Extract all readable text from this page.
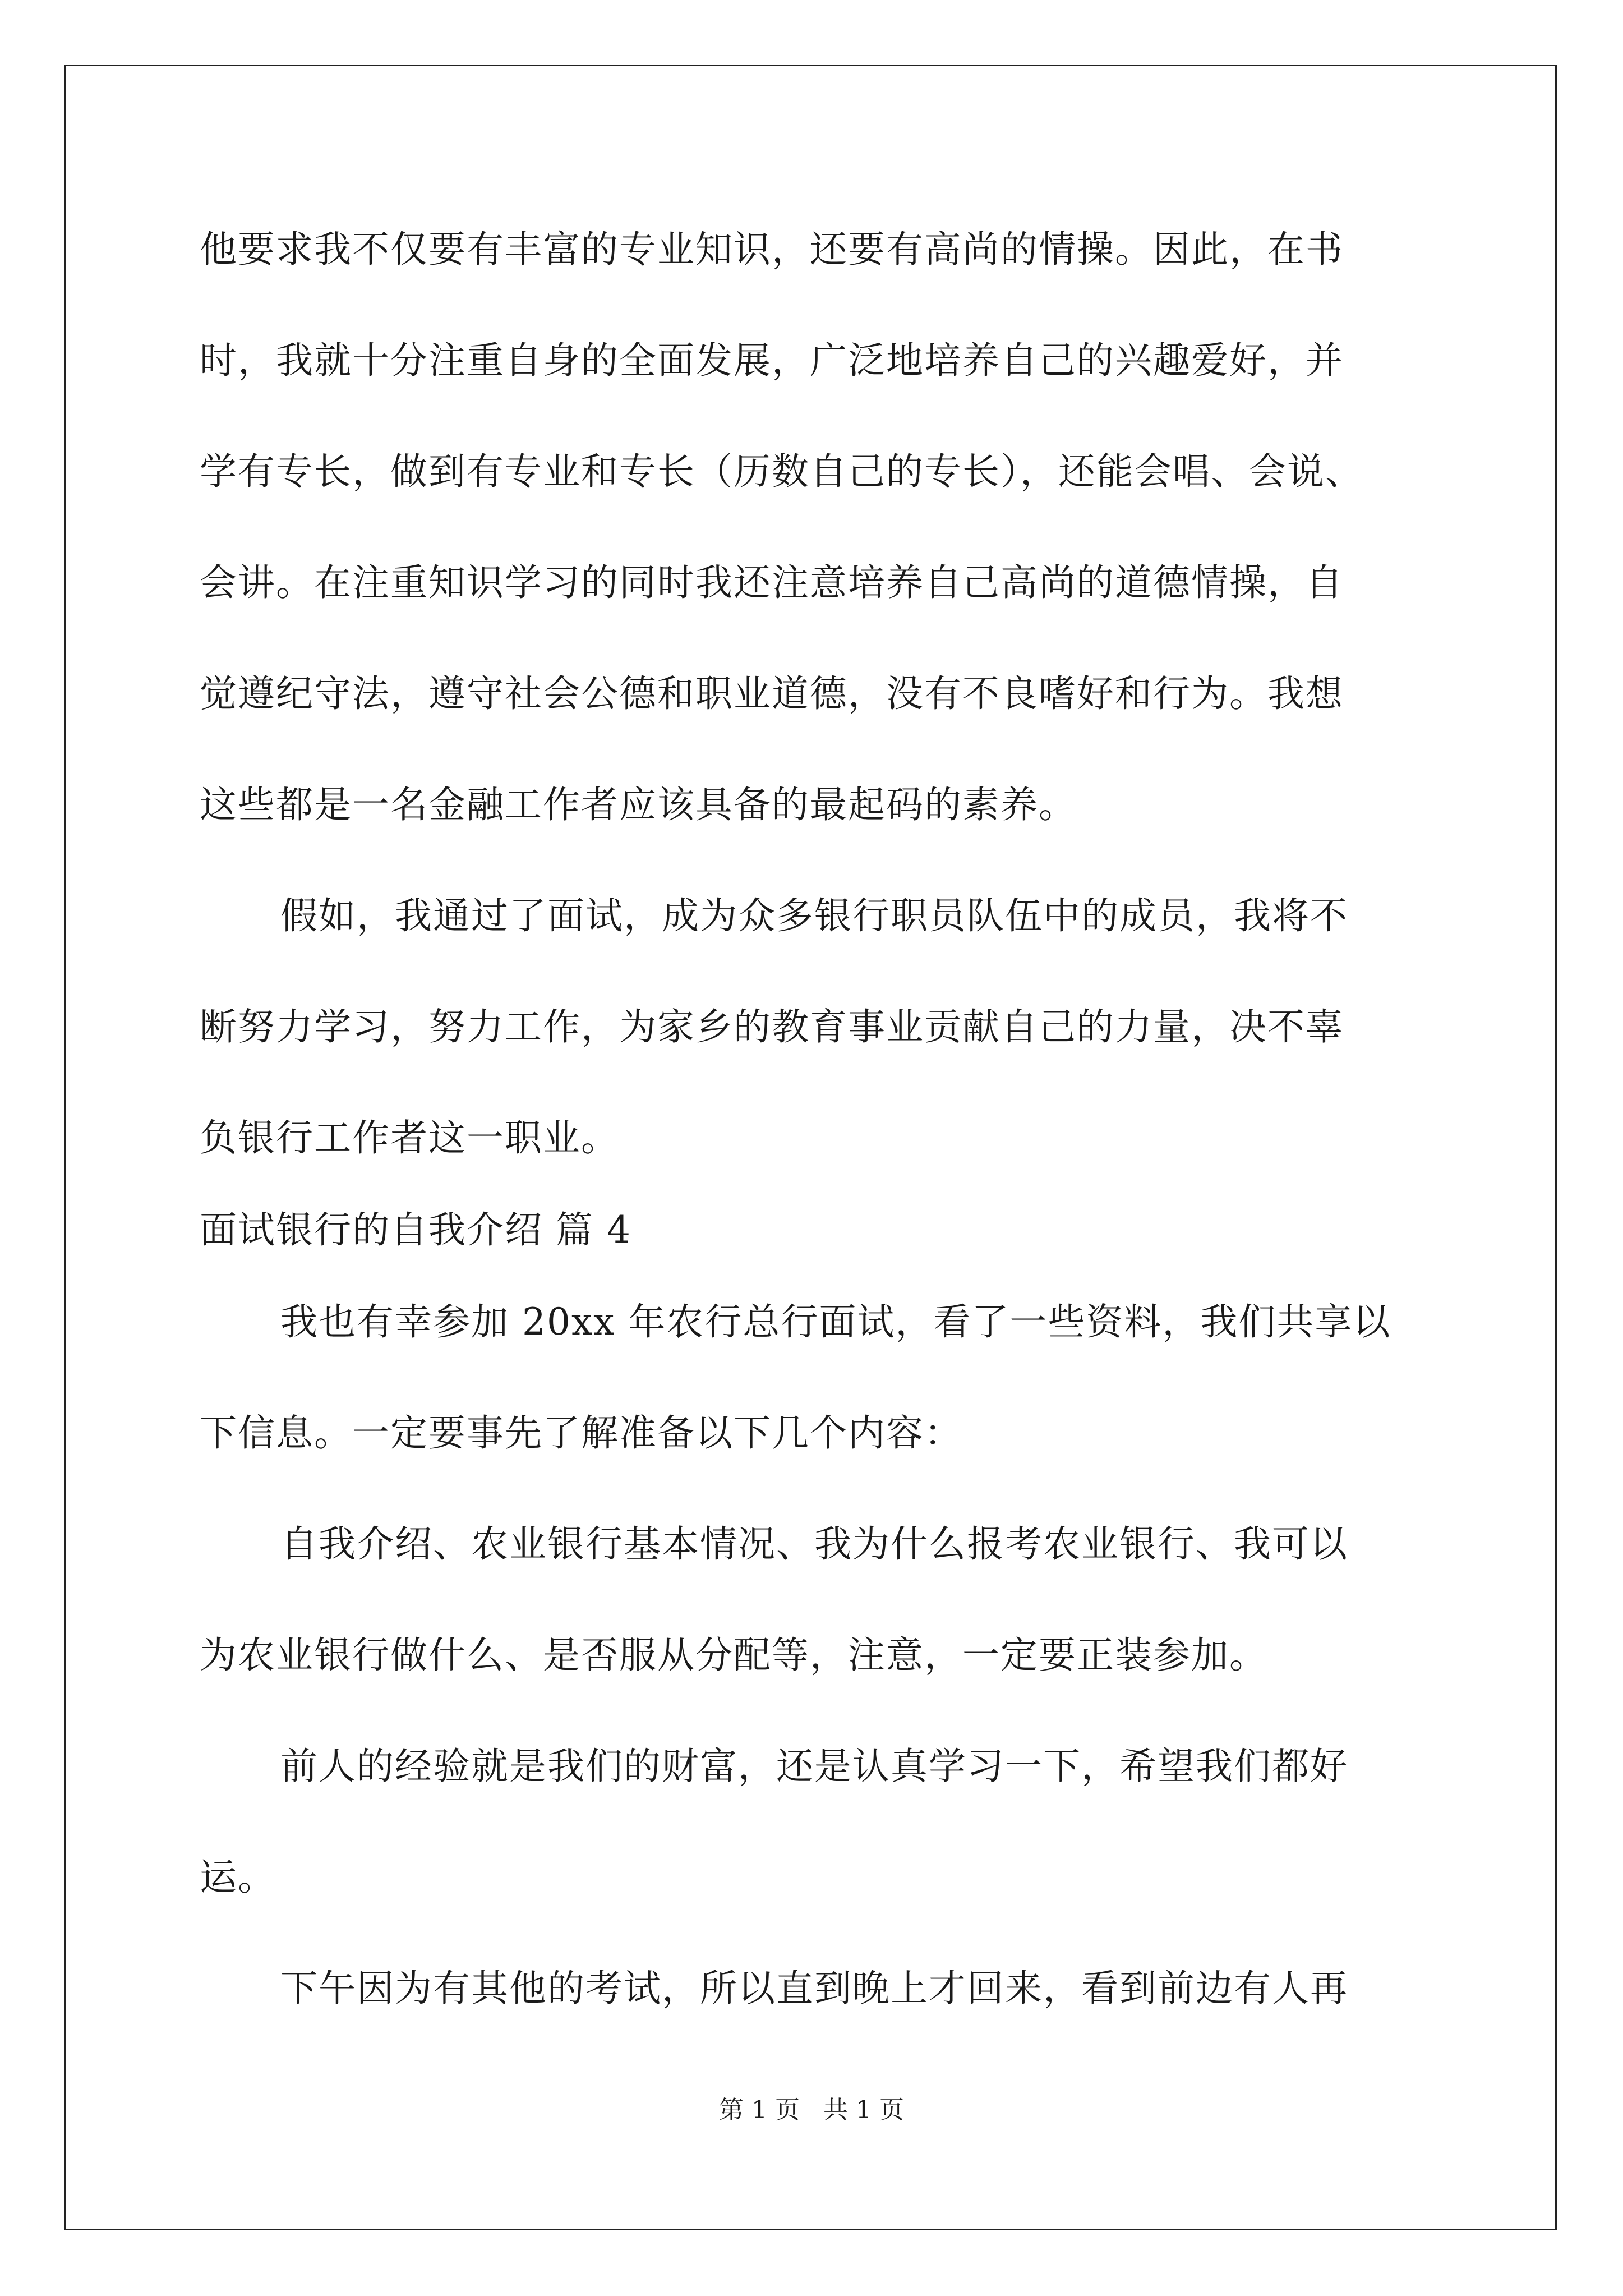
他要求我不仅要有丰富的专业知识，还要有高尚的情操。因此，在书
时，我就十分注重自身的全面发展，广泛地培养自己的兴趣爱好，并
学有专长，做到有专业和专长（历数自己的专长），还能会唱、会说、
会讲。在注重知识学习的同时我还注意培养自己高尚的道德情操，自
觉遵纪守法，遵守社会公德和职业道德，没有不良嗜好和行为。我想
这些都是一名金融工作者应该具备的最起码的素养。
假如，我通过了面试，成为众多银行职员队伍中的成员，我将不
断努力学习，努力工作，为家乡的教育事业贡献自己的力量，决不辜
负银行工作者这一职业。
面试银行的自我介绍 篇 4
我也有幸参加 20xx 年农行总行面试，看了一些资料，我们共享以
下信息。一定要事先了解准备以下几个内容：
自我介绍、农业银行基本情况、我为什么报考农业银行、我可以
为农业银行做什么、是否服从分配等，注意，一定要正装参加。
前人的经验就是我们的财富，还是认真学习一下，希望我们都好
运。
下午因为有其他的考试，所以直到晚上才回来，看到前边有人再
第 1 页   共 1 页
